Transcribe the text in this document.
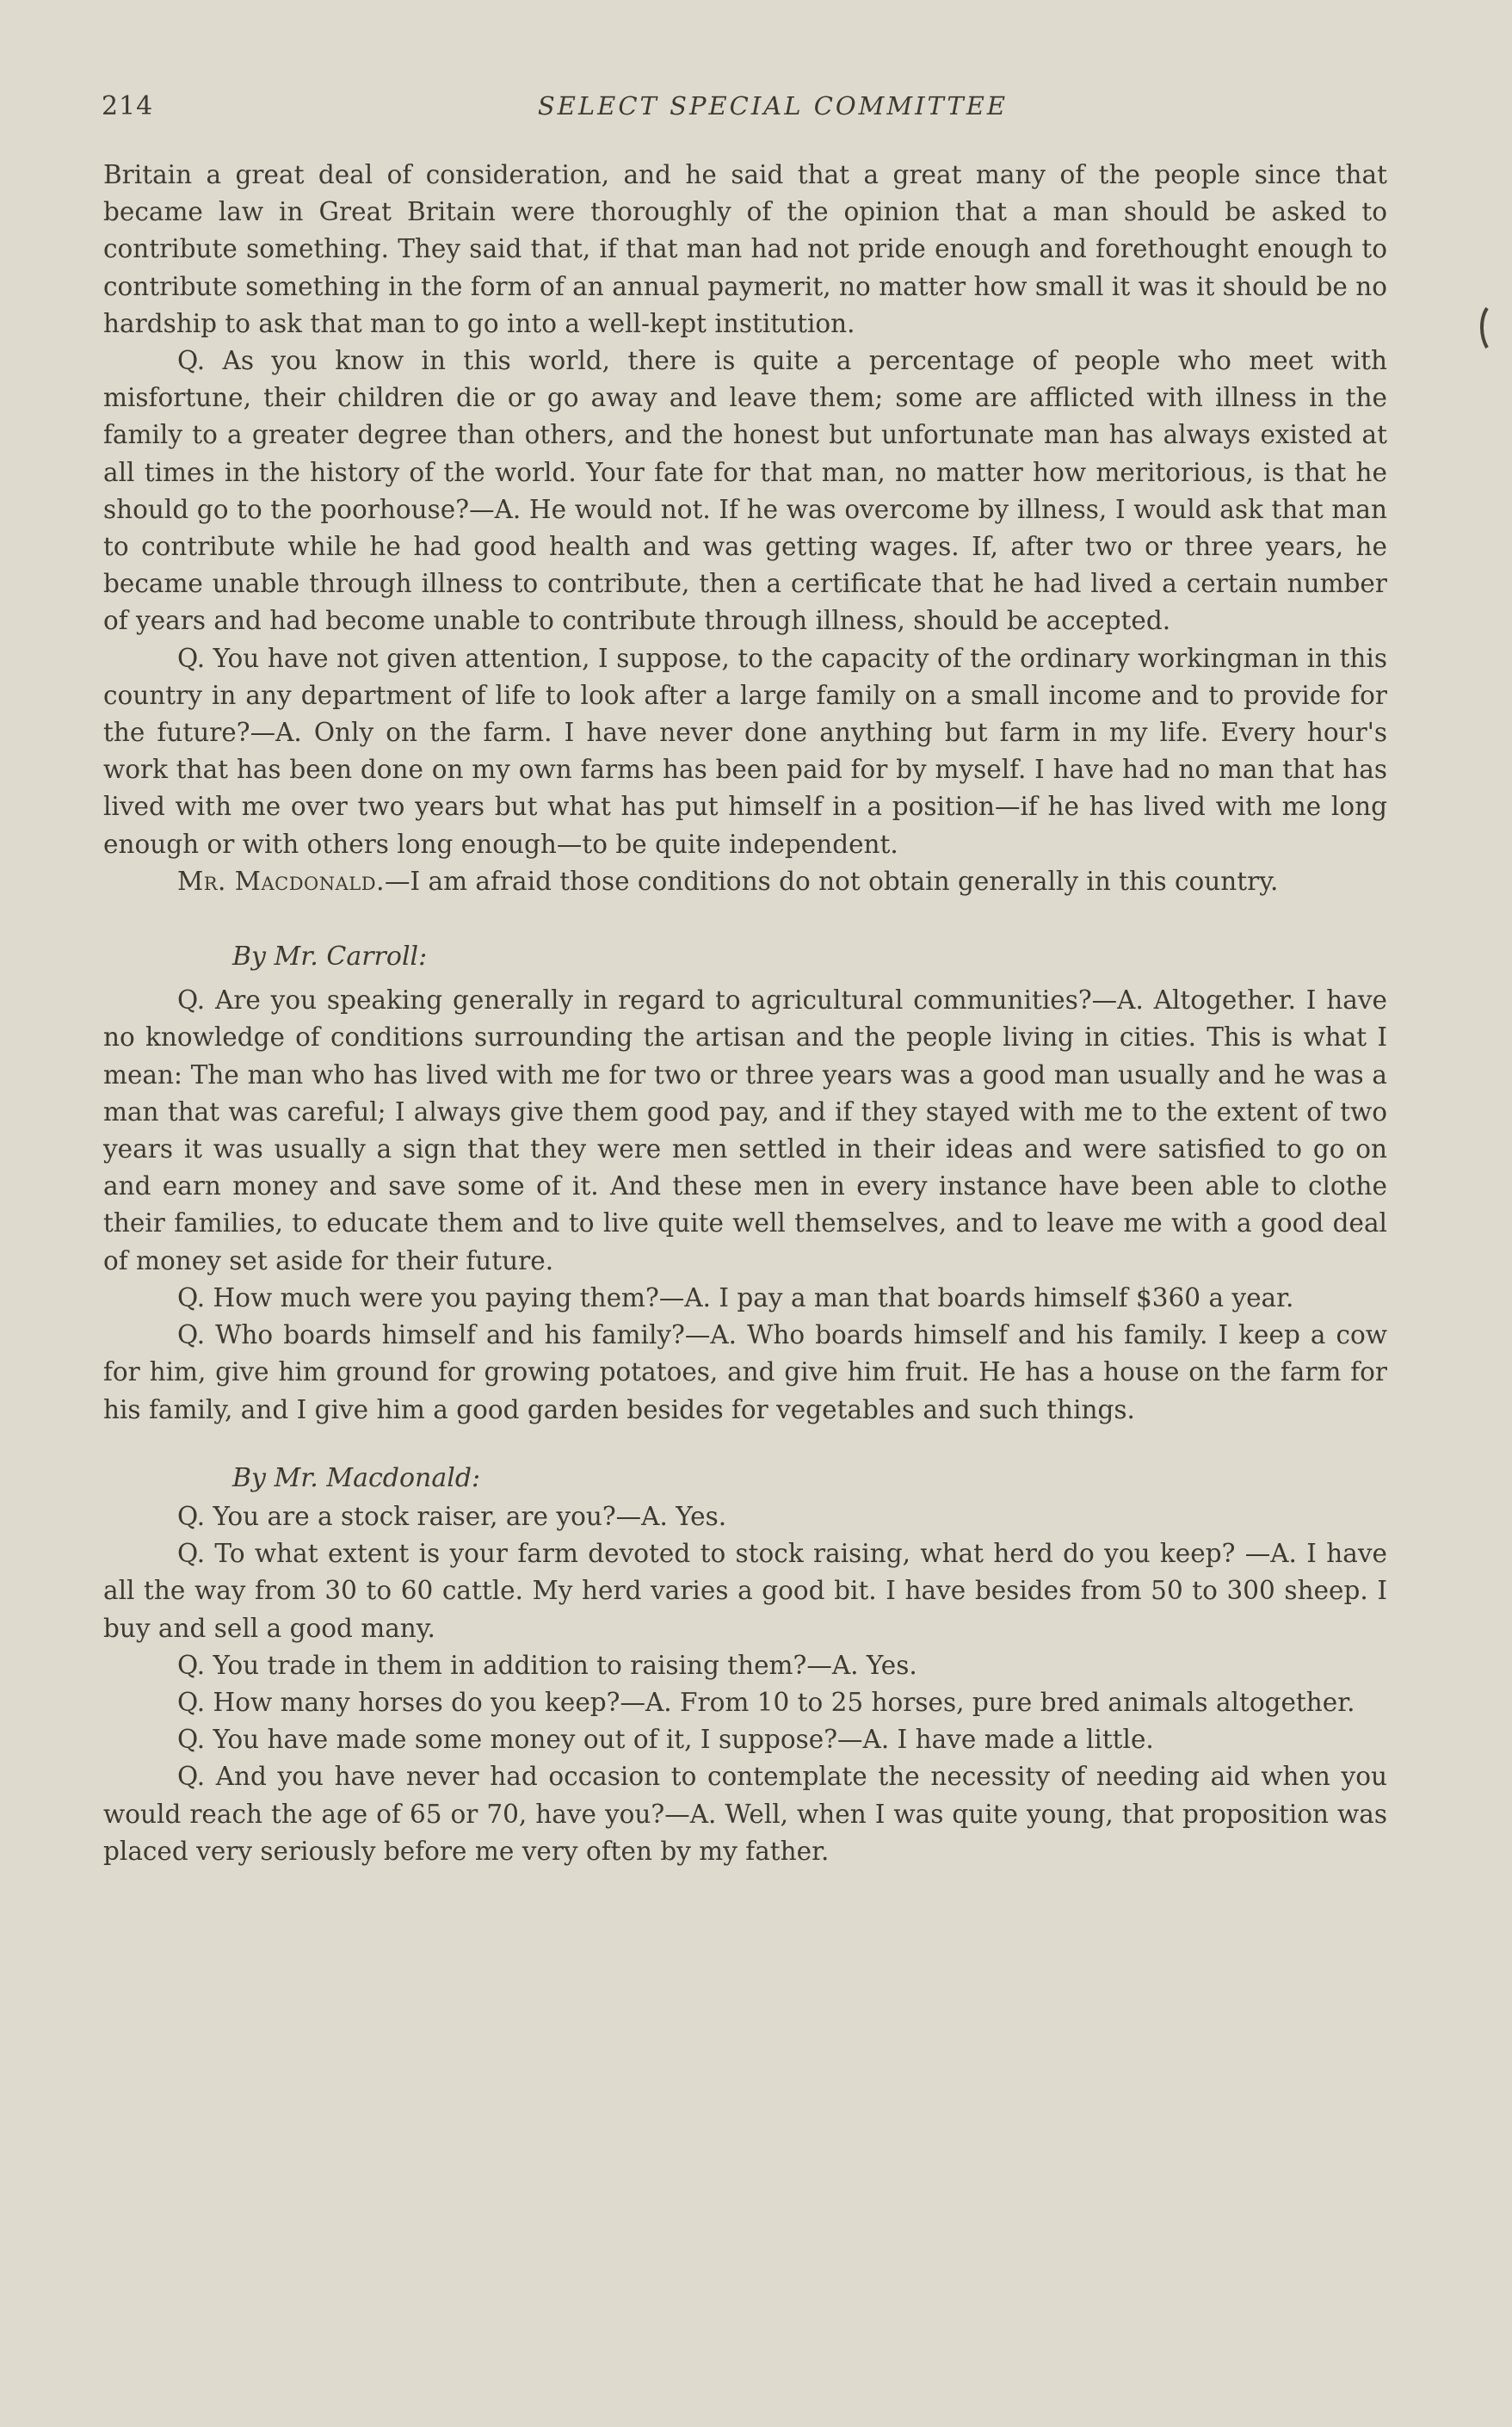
214	SELECT SPECIAL COMMITTEE

Britain a great deal of consideration, and he said that a great many of the people since that became law in Great Britain were thoroughly of the opinion that a man should be asked to contribute something. They said that, if that man had not pride enough and forethought enough to contribute something in the form of an annual paymerit, no matter how small it was it should be no hardship to ask that man to go into a well-kept institution.

Q. As you know in this world, there is quite a percentage of people who meet with misfortune, their children die or go away and leave them; some are afflicted with illness in the family to a greater degree than others, and the honest but unfortunate man has always existed at all times in the history of the world. Your fate for that man, no matter how meritorious, is that he should go to the poorhouse?—A. He would not. If he was overcome by illness, I would ask that man to contribute while he had good health and was getting wages. If, after two or three years, he became unable through illness to contribute, then a certificate that he had lived a certain number of years and had become unable to contribute through illness, should be accepted.

Q. You have not given attention, I suppose, to the capacity of the ordinary workingman in this country in any department of life to look after a large family on a small income and to provide for the future?—A. Only on the farm. I have never done anything but farm in my life. Every hour's work that has been done on my own farms has been paid for by myself. I have had no man that has lived with me over two years but what has put himself in a position—if he has lived with me long enough or with others long enough—to be quite independent.

Mr. Macdonald.—I am afraid those conditions do not obtain generally in this country.

By Mr. Carroll:

Q. Are you speaking generally in regard to agricultural communities?—A. Altogether. I have no knowledge of conditions surrounding the artisan and the people living in cities. This is what I mean: The man who has lived with me for two or three years was a good man usually and he was a man that was careful; I always give them good pay, and if they stayed with me to the extent of two years it was usually a sign that they were men settled in their ideas and were satisfied to go on and earn money and save some of it. And these men in every instance have been able to clothe their families, to educate them and to live quite well themselves, and to leave me with a good deal of money set aside for their future.

Q. How much were you paying them?—A. I pay a man that boards himself $360 a year.

Q. Who boards himself and his family?—A. Who boards himself and his family. I keep a cow for him, give him ground for growing potatoes, and give him fruit. He has a house on the farm for his family, and I give him a good garden besides for vegetables and such things.

By Mr. Macdonald:

Q. You are a stock raiser, are you?—A. Yes.

Q. To what extent is your farm devoted to stock raising, what herd do you keep? —A. I have all the way from 30 to 60 cattle. My herd varies a good bit. I have besides from 50 to 300 sheep. I buy and sell a good many.

Q. You trade in them in addition to raising them?—A. Yes.

Q. How many horses do you keep?—A. From 10 to 25 horses, pure bred animals altogether.

Q. You have made some money out of it, I suppose?—A. I have made a little.

Q. And you have never had occasion to contemplate the necessity of needing aid when you would reach the age of 65 or 70, have you?—A. Well, when I was quite young, that proposition was placed very seriously before me very often by my father.
